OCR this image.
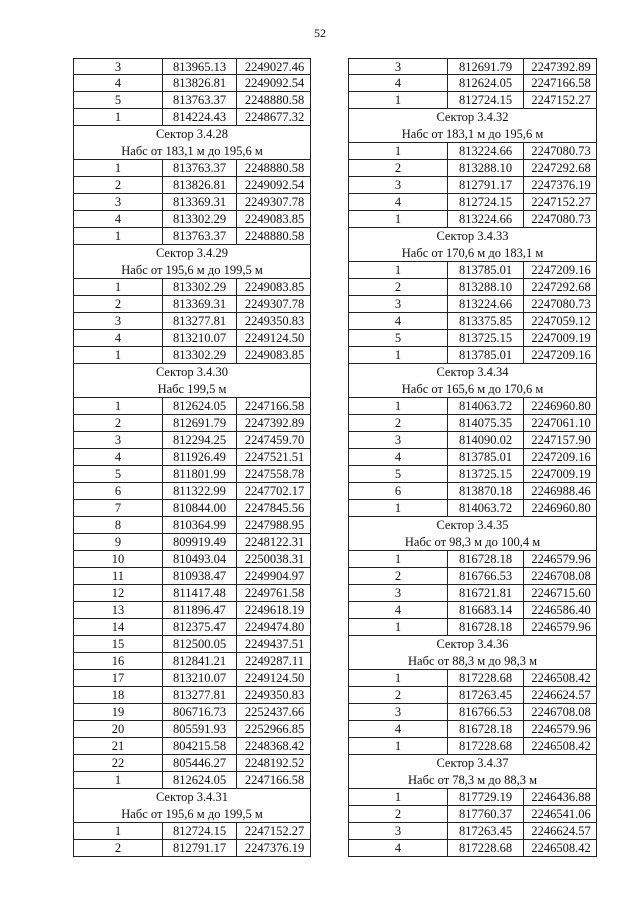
52
3	813965.13	2249027.46
4	813826.81	2249092.54
5	813763.37	2248880.58
1	814224.43	2248677.32
Сектор 3.4.28
Набс от 183,1 м до 195,6 м
1	813763.37	2248880.58
2	813826.81	2249092.54
3	813369.31	2249307.78
4	813302.29	2249083.85
1	813763.37	2248880.58
Сектор 3.4.29
Набс от 195,6 м до 199,5 м
1	813302.29	2249083.85
2	813369.31	2249307.78
3	813277.81	2249350.83
4	813210.07	2249124.50
1	813302.29	2249083.85
Сектор 3.4.30
Набс 199,5 м
1	812624.05	2247166.58
2	812691.79	2247392.89
3	812294.25	2247459.70
4	811926.49	2247521.51
5	811801.99	2247558.78
6	811322.99	2247702.17
7	810844.00	2247845.56
8	810364.99	2247988.95
9	809919.49	2248122.31
10	810493.04	2250038.31
11	810938.47	2249904.97
12	811417.48	2249761.58
13	811896.47	2249618.19
14	812375.47	2249474.80
15	812500.05	2249437.51
16	812841.21	2249287.11
17	813210.07	2249124.50
18	813277.81	2249350.83
19	806716.73	2252437.66
20	805591.93	2252966.85
21	804215.58	2248368.42
22	805446.27	2248192.52
1	812624.05	2247166.58
Сектор 3.4.31
Набс от 195,6 м до 199,5 м
1	812724.15	2247152.27
2	812791.17	2247376.19
3	812691.79	2247392.89
4	812624.05	2247166.58
1	812724.15	2247152.27
Сектор 3.4.32
Набс от 183,1 м до 195,6 м
1	813224.66	2247080.73
2	813288.10	2247292.68
3	812791.17	2247376.19
4	812724.15	2247152.27
1	813224.66	2247080.73
Сектор 3.4.33
Набс от 170,6 м до 183,1 м
1	813785.01	2247209.16
2	813288.10	2247292.68
3	813224.66	2247080.73
4	813375.85	2247059.12
5	813725.15	2247009.19
1	813785.01	2247209.16
Сектор 3.4.34
Набс от 165,6 м до 170,6 м
1	814063.72	2246960.80
2	814075.35	2247061.10
3	814090.02	2247157.90
4	813785.01	2247209.16
5	813725.15	2247009.19
6	813870.18	2246988.46
1	814063.72	2246960.80
Сектор 3.4.35
Набс от 98,3 м до 100,4 м
1	816728.18	2246579.96
2	816766.53	2246708.08
3	816721.81	2246715.60
4	816683.14	2246586.40
1	816728.18	2246579.96
Сектор 3.4.36
Набс от 88,3 м до 98,3 м
1	817228.68	2246508.42
2	817263.45	2246624.57
3	816766.53	2246708.08
4	816728.18	2246579.96
1	817228.68	2246508.42
Сектор 3.4.37
Набс от 78,3 м до 88,3 м
1	817729.19	2246436.88
2	817760.37	2246541.06
3	817263.45	2246624.57
4	817228.68	2246508.42
